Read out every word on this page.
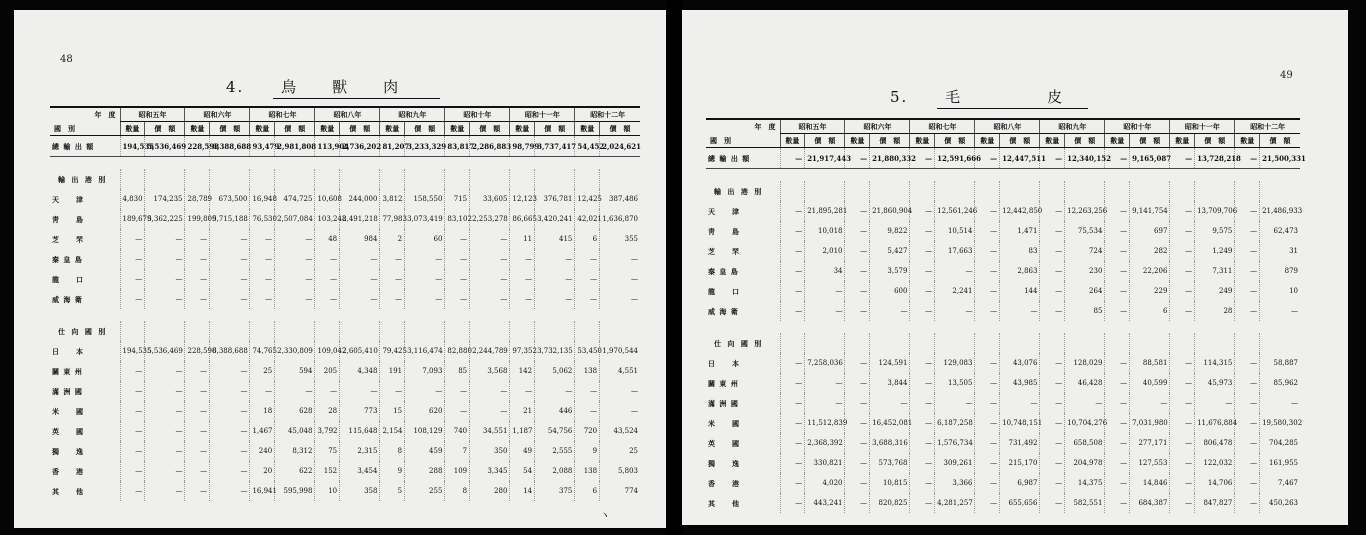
48
4. 鳥　　獸　　肉
年　度
國　別	昭和五年		昭和六年		昭和七年		昭和八年		昭和九年		昭和十年		昭和十一年		昭和十二年	
	數量	價　額	數量	價　額	數量	價　額	數量	價　額	數量	價　額	數量	價　額	數量	價　額	數量	價　額
總 輸 出 額	194,535	5,536,469	228,598	6,388,688	93,479	2,981,808	113,904	2,736,202	81,207	3,233,329	83,817	2,286,883	98,799	3,737,417	54,452	2,024,621

輸 出 港 別																
天　　津	4,830	174,235	28,789	673,500	16,948	474,725	10,608	244,000	3,812	158,550	715	33,605	12,123	376,781	12,425	387,486
靑　　島	189,679	5,362,225	199,809	5,715,188	76,530	2,507,084	103,248	2,491,218	77,983	3,073,419	83,102	2,253,278	86,665	3,420,241	42,021	1,636,870
芝　　罘	—	—	—	—	—	—	48	984	2	60	—	—	11	415	6	355
秦 皇 島	—	—	—	—	—	—	—	—	—	—	—	—	—	—	—	—
龍　　口	—	—	—	—	—	—	—	—	—	—	—	—	—	—	—	—
威 海 衛	—	—	—	—	—	—	—	—	—	—	—	—	—	—	—	—

仕 向 國 別																
日　　本	194,535	5,536,469	228,598	6,388,688	74,765	2,330,809	109,042	2,605,410	79,425	3,116,474	82,880	2,244,789	97,352	3,732,135	53,450	1,970,544
關 東 州	—	—	—	—	25	594	205	4,348	191	7,093	85	3,568	142	5,062	138	4,551
滿 洲 國	—	—	—	—	—	—	—	—	—	—	—	—	—	—	—	—
米　　國	—	—	—	—	18	628	28	773	15	620	—	—	21	446	—	—
英　　國	—	—	—	—	1,467	45,048	3,792	115,648	2,154	108,129	740	34,551	1,187	54,756	720	43,524
獨　　逸	—	—	—	—	240	8,312	75	2,315	8	459	7	350	49	2,555	9	25
香　　港	—	—	—	—	20	622	152	3,454	9	288	109	3,345	54	2,088	138	5,803
其　　他	—	—	—	—	16,941	595,998	10	358	5	255	8	280	14	375	6	774
ヽ
49
5. 毛　　　　　皮
年　度
國　別	昭和五年		昭和六年		昭和七年		昭和八年		昭和九年		昭和十年		昭和十一年		昭和十二年	
	數量	價　額	數量	價　額	數量	價　額	數量	價　額	數量	價　額	數量	價　額	數量	價　額	數量	價　額
總 輸 出 額	—	21,917,443	—	21,880,332	—	12,591,666	—	12,447,511	—	12,340,152	—	9,165,087	—	13,728,218	—	21,500,331

輸 出 港 別																
天　　津	—	21,895,281	—	21,860,904	—	12,561,246	—	12,442,850	—	12,263,256	—	9,141,754	—	13,709,706	—	21,486,933
靑　　島	—	10,018	—	9,822	—	10,514	—	1,471	—	75,534	—	697	—	9,575	—	62,473
芝　　罘	—	2,010	—	5,427	—	17,663	—	83	—	724	—	282	—	1,249	—	31
秦 皇 島	—	34	—	3,579	—	—	—	2,863	—	230	—	22,206	—	7,311	—	879
龍　　口	—	—	—	600	—	2,241	—	144	—	264	—	229	—	249	—	10
威 海 衛	—	—	—	—	—	—	—	—	—	85	—	6	—	28	—	—

仕 向 國 別																
日　　本	—	7,258,036	—	124,591	—	129,083	—	43,076	—	128,029	—	88,581	—	114,315	—	58,887
關 東 州	—	—	—	3,844	—	13,505	—	43,985	—	46,428	—	40,599	—	45,973	—	85,962
滿 洲 國	—	—	—	—	—	—	—	—	—	—	—	—	—	—	—	—
米　　國	—	11,512,839	—	16,452,081	—	6,187,258	—	10,748,151	—	10,704,276	—	7,031,980	—	11,676,884	—	19,580,302
英　　國	—	2,368,392	—	3,688,316	—	1,576,734	—	731,492	—	658,508	—	277,171	—	806,478	—	704,285
獨　　逸	—	330,821	—	573,768	—	309,261	—	215,170	—	204,978	—	127,553	—	122,032	—	161,955
香　　港	—	4,020	—	10,815	—	3,366	—	6,987	—	14,375	—	14,846	—	14,706	—	7,467
其　　他	—	443,241	—	820,825	—	4,281,257	—	655,656	—	582,551	—	684,387	—	847,827	—	450,263
